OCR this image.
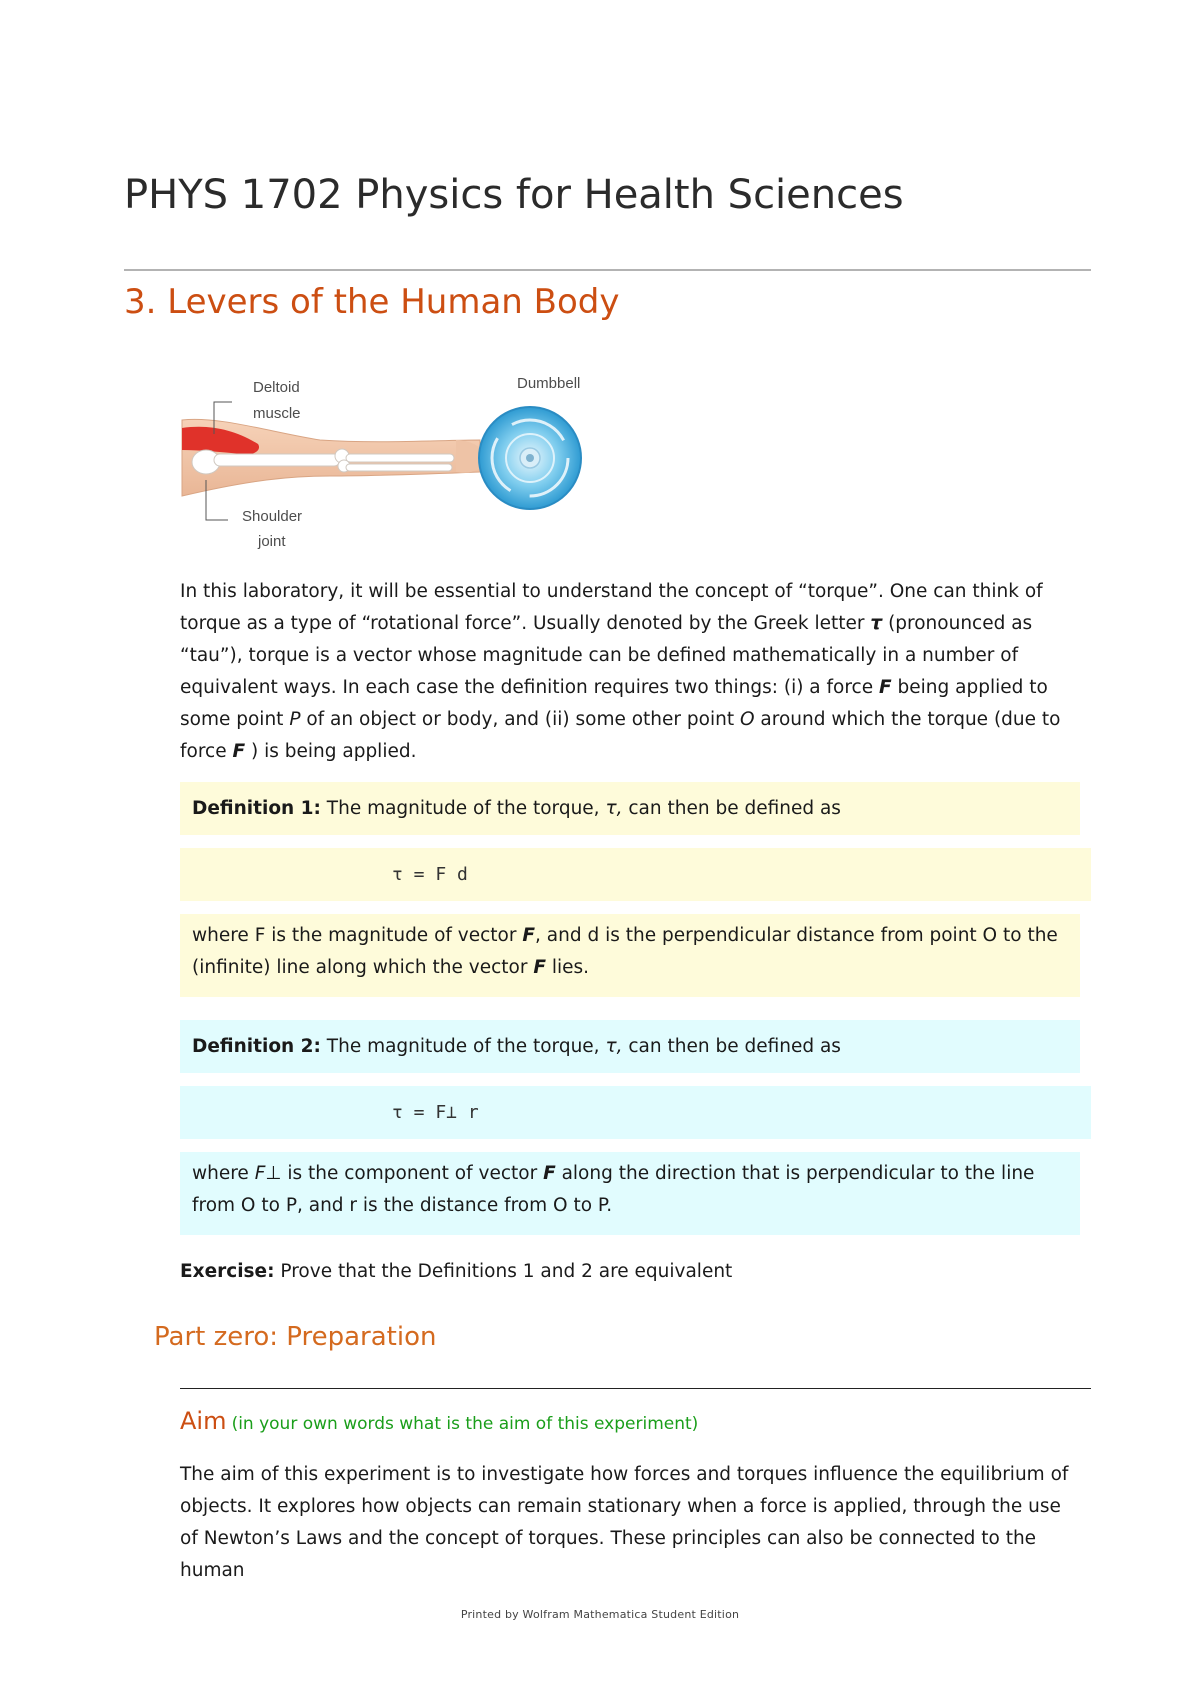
PHYS 1702 Physics for Health Sciences
3. Levers of the Human Body
Deltoid
muscle
Dumbbell
Shoulder
joint

In this laboratory, it will be essential to understand the concept of “torque”. One can think of torque as a type of “rotational force”. Usually denoted by the Greek letter τ (pronounced as “tau”), torque is a vector whose magnitude can be defined mathematically in a number of equivalent ways. In each case the definition requires two things: (i) a force F being applied to some point P of an object or body, and (ii) some other point O around which the torque (due to force F ) is being applied.

Definition 1: The magnitude of the torque, τ, can then be defined as
τ = F d
where F is the magnitude of vector F, and d is the perpendicular distance from point O to the (infinite) line along which the vector F lies.
Definition 2: The magnitude of the torque, τ, can then be defined as
τ = F⊥ r
where F⊥ is the component of vector F along the direction that is perpendicular to the line from O to P, and r is the distance from O to P.

Exercise: Prove that the Definitions 1 and 2 are equivalent

Part zero: Preparation

Aim (in your own words what is the aim of this experiment)

The aim of this experiment is to investigate how forces and torques influence the equilibrium of objects. It explores how objects can remain stationary when a force is applied, through the use of Newton’s Laws and the concept of torques. These principles can also be connected to the human

Printed by Wolfram Mathematica Student Edition
